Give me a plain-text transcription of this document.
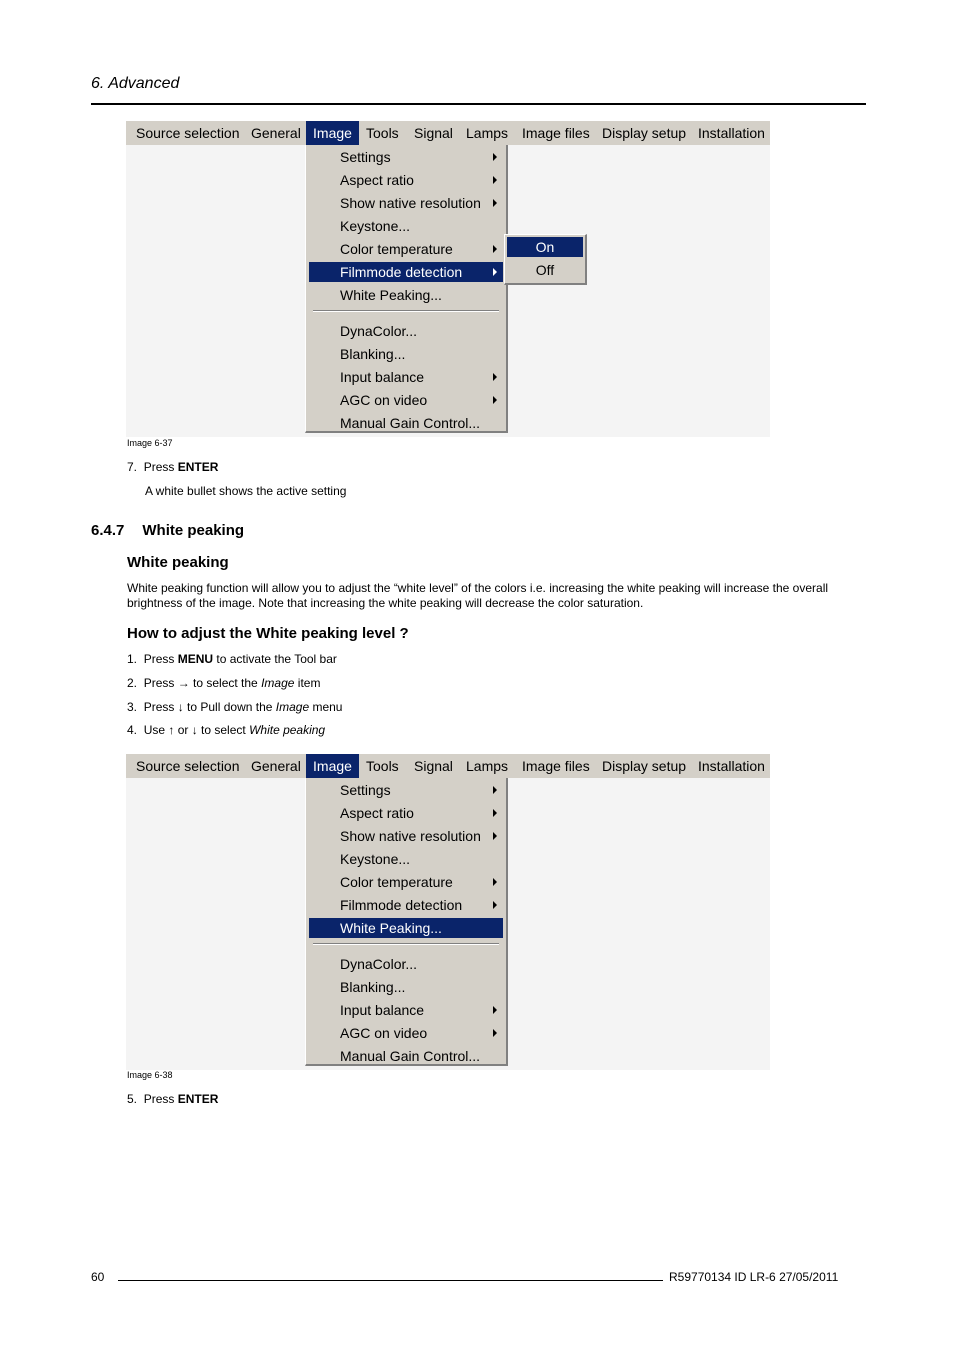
6. Advanced
Source selection General Image	Tools Signal Lamps Image files Display setup Installation
Settings
Aspect ratio
Show native resolution
Keystone...
Color temperature
Filmmode detection
White Peaking...
DynaColor...
Blanking...
Input balance
AGC on video
Manual Gain Control...
On
Off
Image 6-37
7. Press ENTER
A white bullet shows the active setting
6.4.7 White peaking
White peaking
White peaking function will allow you to adjust the “white level” of the colors i.e. increasing the white peaking will increase the overall
brightness of the image. Note that increasing the white peaking will decrease the color saturation.
How to adjust the White peaking level ?
1. Press MENU to activate the Tool bar
2. Press → to select the Image item
3. Press ↓ to Pull down the Image menu
4. Use ↑ or ↓ to select White peaking
Source selection General Image	Tools Signal Lamps Image files Display setup Installation
Settings
Aspect ratio
Show native resolution
Keystone...
Color temperature
Filmmode detection
White Peaking...
DynaColor...
Blanking...
Input balance
AGC on video
Manual Gain Control...
Image 6-38
5. Press ENTER
60	R59770134 ID LR-6 27/05/2011
